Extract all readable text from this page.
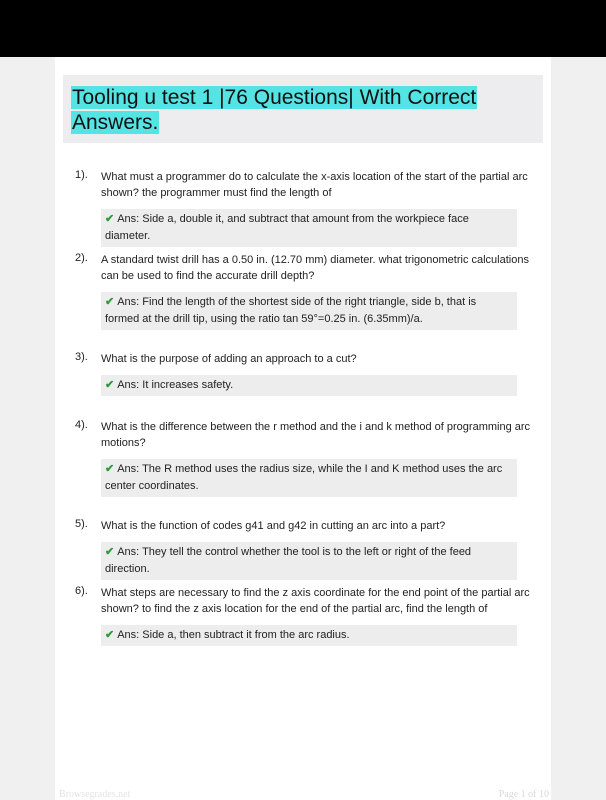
Tooling u test 1 |76 Questions| With Correct Answers.
1). What must a programmer do to calculate the x-axis location of the start of the partial arc shown? the programmer must find the length of
✔ Ans: Side a, double it, and subtract that amount from the workpiece face diameter.
2). A standard twist drill has a 0.50 in. (12.70 mm) diameter. what trigonometric calculations can be used to find the accurate drill depth?
✔ Ans: Find the length of the shortest side of the right triangle, side b, that is formed at the drill tip, using the ratio tan 59°=0.25 in. (6.35mm)/a.
3). What is the purpose of adding an approach to a cut?
✔ Ans: It increases safety.
4). What is the difference between the r method and the i and k method of programming arc motions?
✔ Ans: The R method uses the radius size, while the I and K method uses the arc center coordinates.
5). What is the function of codes g41 and g42 in cutting an arc into a part?
✔ Ans: They tell the control whether the tool is to the left or right of the feed direction.
6). What steps are necessary to find the z axis coordinate for the end point of the partial arc shown? to find the z axis location for the end of the partial arc, find the length of
✔ Ans: Side a, then subtract it from the arc radius.
Browsegrades.net	Page 1 of 10
